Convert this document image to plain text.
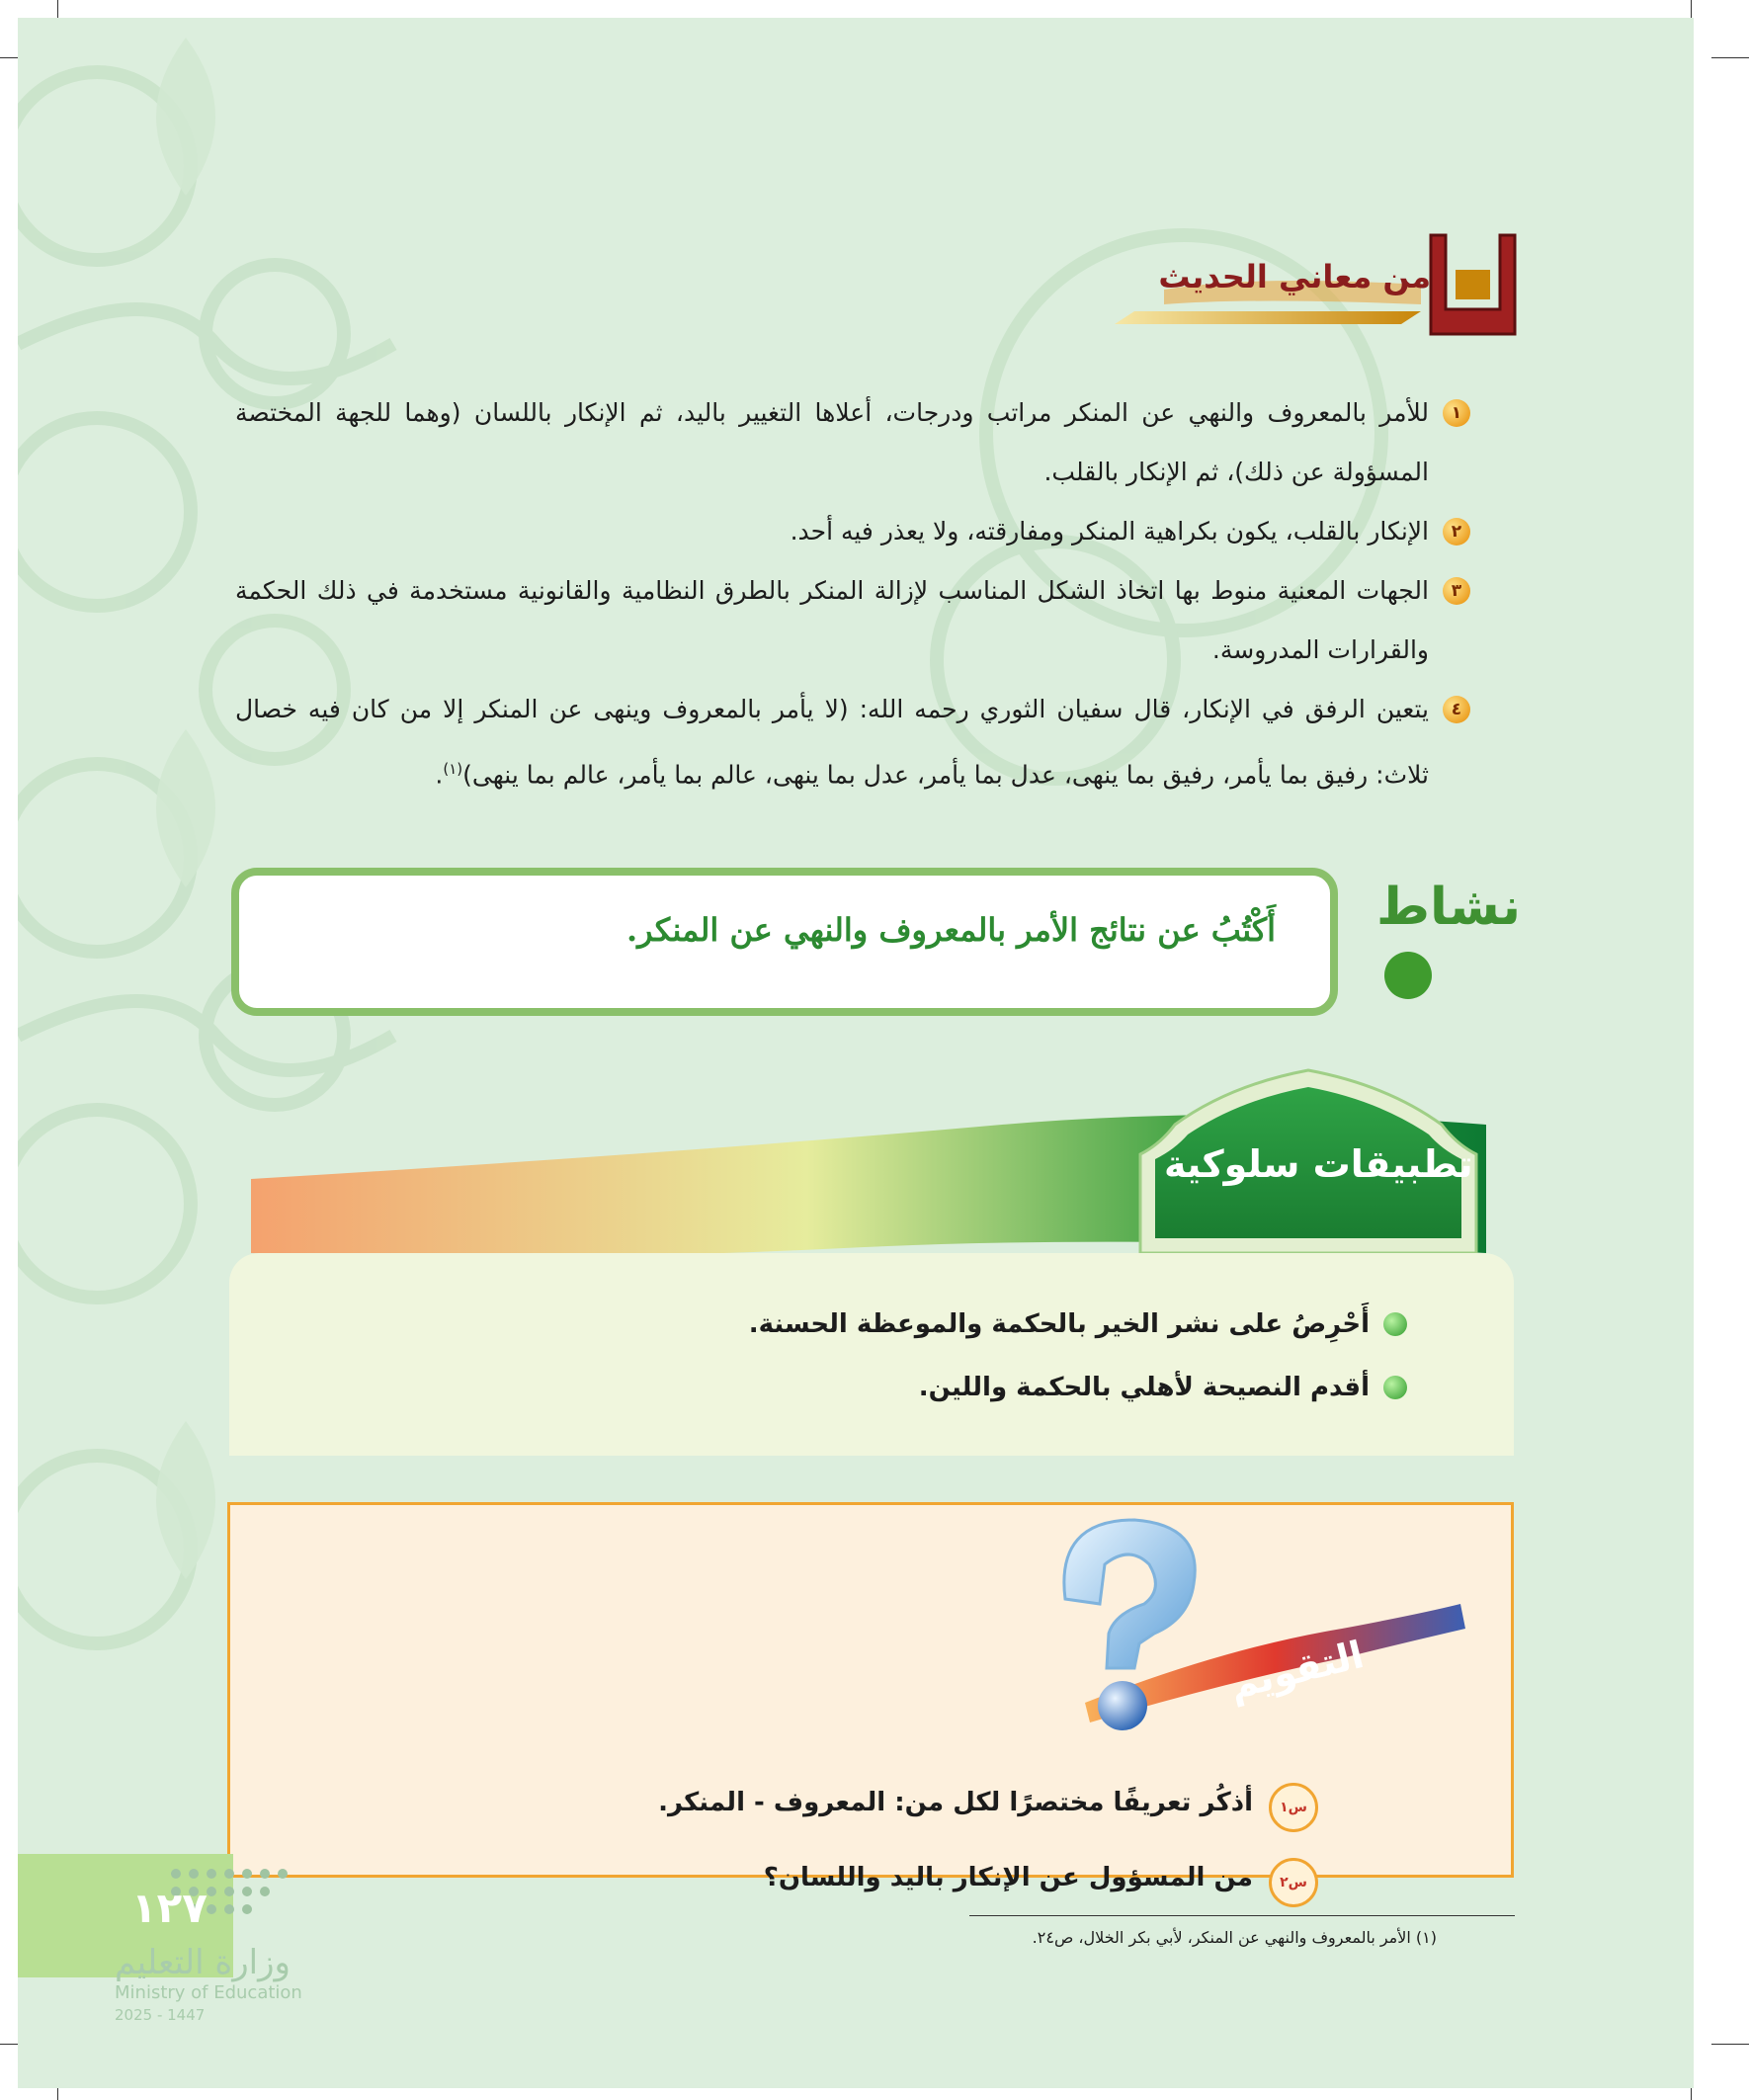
من معاني الحديث
١
للأمر بالمعروف والنهي عن المنكر مراتب ودرجات، أعلاها التغيير باليد، ثم الإنكار باللسان (وهما للجهة المختصة المسؤولة عن ذلك)، ثم الإنكار بالقلب.
٢
الإنكار بالقلب، يكون بكراهية المنكر ومفارقته، ولا يعذر فيه أحد.
٣
الجهات المعنية منوط بها اتخاذ الشكل المناسب لإزالة المنكر بالطرق النظامية والقانونية مستخدمة في ذلك الحكمة والقرارات المدروسة.
٤
يتعين الرفق في الإنكار، قال سفيان الثوري رحمه الله: (لا يأمر بالمعروف وينهى عن المنكر إلا من كان فيه خصال ثلاث: رفيق بما يأمر، رفيق بما ينهى، عدل بما يأمر، عدل بما ينهى، عالم بما يأمر، عالم بما ينهى)$^{(١)}$.
أَكْتُبُ عن نتائج الأمر بالمعروف والنهي عن المنكر. نشاط
تطبيقات سلوكية
أَحْرِصُ على نشر الخير بالحكمة والموعظة الحسنة.
أقدم النصيحة لأهلي بالحكمة واللين.
التقويم
س١
أذكُر تعريفًا مختصرًا لكل من: المعروف - المنكر.
س٢
من المسؤول عن الإنكار باليد واللسان؟
(١) الأمر بالمعروف والنهي عن المنكر، لأبي بكر الخلال، ص٢٤.
١٢٧
وزارة التعليم
Ministry of Education
2025 - 1447
